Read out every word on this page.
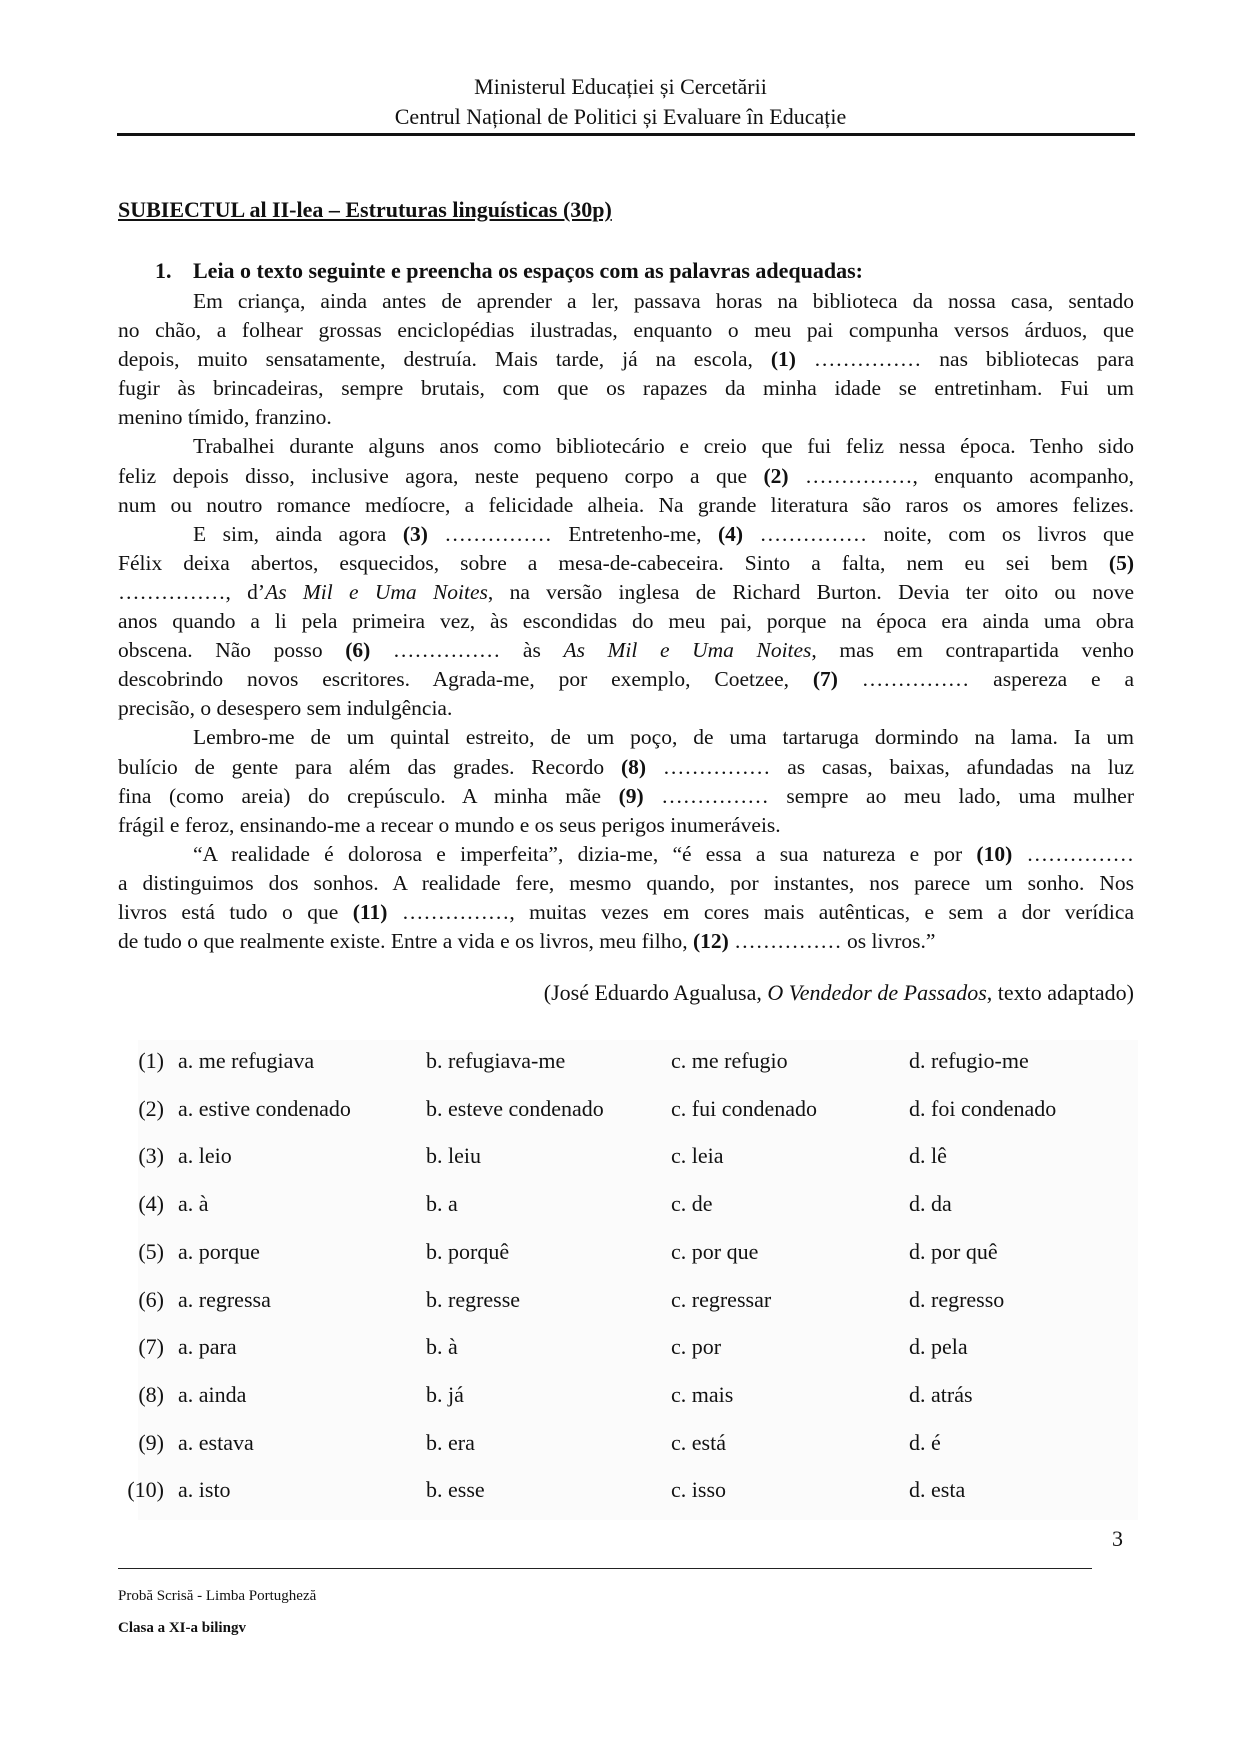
Ministerul Educației și Cercetării
Centrul Național de Politici și Evaluare în Educație
SUBIECTUL al II-lea – Estruturas linguísticas (30p)
1. Leia o texto seguinte e preencha os espaços com as palavras adequadas:
Em criança, ainda antes de aprender a ler, passava horas na biblioteca da nossa casa, sentado
no chão, a folhear grossas enciclopédias ilustradas, enquanto o meu pai compunha versos árduos, que
depois, muito sensatamente, destruía. Mais tarde, já na escola, (1) …………… nas bibliotecas para
fugir às brincadeiras, sempre brutais, com que os rapazes da minha idade se entretinham. Fui um
menino tímido, franzino.
Trabalhei durante alguns anos como bibliotecário e creio que fui feliz nessa época. Tenho sido
feliz depois disso, inclusive agora, neste pequeno corpo a que (2) ……………, enquanto acompanho,
num ou noutro romance medíocre, a felicidade alheia. Na grande literatura são raros os amores felizes.
E sim, ainda agora (3) …………… Entretenho-me, (4) …………… noite, com os livros que
Félix deixa abertos, esquecidos, sobre a mesa-de-cabeceira. Sinto a falta, nem eu sei bem (5)
……………, d’As Mil e Uma Noites, na versão inglesa de Richard Burton. Devia ter oito ou nove
anos quando a li pela primeira vez, às escondidas do meu pai, porque na época era ainda uma obra
obscena. Não posso (6) …………… às As Mil e Uma Noites, mas em contrapartida venho
descobrindo novos escritores. Agrada-me, por exemplo, Coetzee, (7) …………… aspereza e a
precisão, o desespero sem indulgência.
Lembro-me de um quintal estreito, de um poço, de uma tartaruga dormindo na lama. Ia um
bulício de gente para além das grades. Recordo (8) …………… as casas, baixas, afundadas na luz
fina (como areia) do crepúsculo. A minha mãe (9) …………… sempre ao meu lado, uma mulher
frágil e feroz, ensinando-me a recear o mundo e os seus perigos inumeráveis.
“A realidade é dolorosa e imperfeita”, dizia-me, “é essa a sua natureza e por (10) ……………
a distinguimos dos sonhos. A realidade fere, mesmo quando, por instantes, nos parece um sonho. Nos
livros está tudo o que (11) ……………, muitas vezes em cores mais autênticas, e sem a dor verídica
de tudo o que realmente existe. Entre a vida e os livros, meu filho, (12) …………… os livros.”
(José Eduardo Agualusa, O Vendedor de Passados, texto adaptado)
(1) a. me refugiava	b. refugiava-me	c. me refugio	d. refugio-me
(2) a. estive condenado	b. esteve condenado	c. fui condenado	d. foi condenado
(3) a. leio	b. leiu	c. leia	d. lê
(4) a. à	b. a	c. de	d. da
(5) a. porque	b. porquê	c. por que	d. por quê
(6) a. regressa	b. regresse	c. regressar	d. regresso
(7) a. para	b. à	c. por	d. pela
(8) a. ainda	b. já	c. mais	d. atrás
(9) a. estava	b. era	c. está	d. é
(10) a. isto	b. esse	c. isso	d. esta
3
Probă Scrisă - Limba Portugheză
Clasa a XI-a bilingv
